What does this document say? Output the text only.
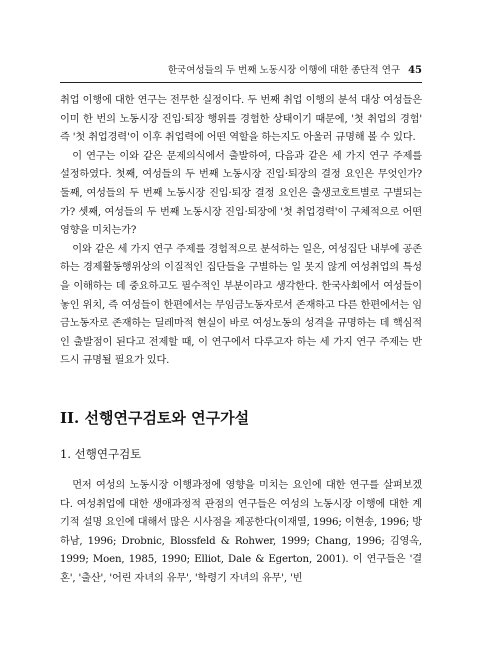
한국여성들의 두 번째 노동시장 이행에 대한 종단적 연구 45

취업 이행에 대한 연구는 전무한 실정이다. 두 번째 취업 이행의 분석 대상 여성들은 이미 한 번의 노동시장 진입·퇴장 행위를 경험한 상태이기 때문에, '첫 취업의 경험' 즉 '첫 취업경력'이 이후 취업력에 어떤 역할을 하는지도 아울러 규명해 볼 수 있다.

이 연구는 이와 같은 문제의식에서 출발하여, 다음과 같은 세 가지 연구 주제를 설정하였다. 첫째, 여성들의 두 번째 노동시장 진입·퇴장의 결정 요인은 무엇인가? 둘째, 여성들의 두 번째 노동시장 진입·퇴장 결정 요인은 출생코호트별로 구별되는가? 셋째, 여성들의 두 번째 노동시장 진입·퇴장에 '첫 취업경력'이 구체적으로 어떤 영향을 미치는가?

이와 같은 세 가지 연구 주제를 경험적으로 분석하는 일은, 여성집단 내부에 공존하는 경제활동행위상의 이질적인 집단들을 구별하는 일 못지 않게 여성취업의 특성을 이해하는 데 중요하고도 필수적인 부분이라고 생각한다. 한국사회에서 여성들이 놓인 위치, 즉 여성들이 한편에서는 무임금노동자로서 존재하고 다른 한편에서는 임금노동자로 존재하는 딜레마적 현실이 바로 여성노동의 성격을 규명하는 데 핵심적인 출발점이 된다고 전제할 때, 이 연구에서 다루고자 하는 세 가지 연구 주제는 반드시 규명될 필요가 있다.

II. 선행연구검토와 연구가설
1. 선행연구검토

먼저 여성의 노동시장 이행과정에 영향을 미치는 요인에 대한 연구를 살펴보겠다. 여성취업에 대한 생애과정적 관점의 연구들은 여성의 노동시장 이행에 대한 계기적 설명 요인에 대해서 많은 시사점을 제공한다(이재열, 1996; 이현송, 1996; 방하남, 1996; Drobnic, Blossfeld & Rohwer, 1999; Chang, 1996; 김영옥, 1999; Moen, 1985, 1990; Elliot, Dale & Egerton, 2001). 이 연구들은 '결혼', '출산', '어린 자녀의 유무', '학령기 자녀의 유무', '빈
